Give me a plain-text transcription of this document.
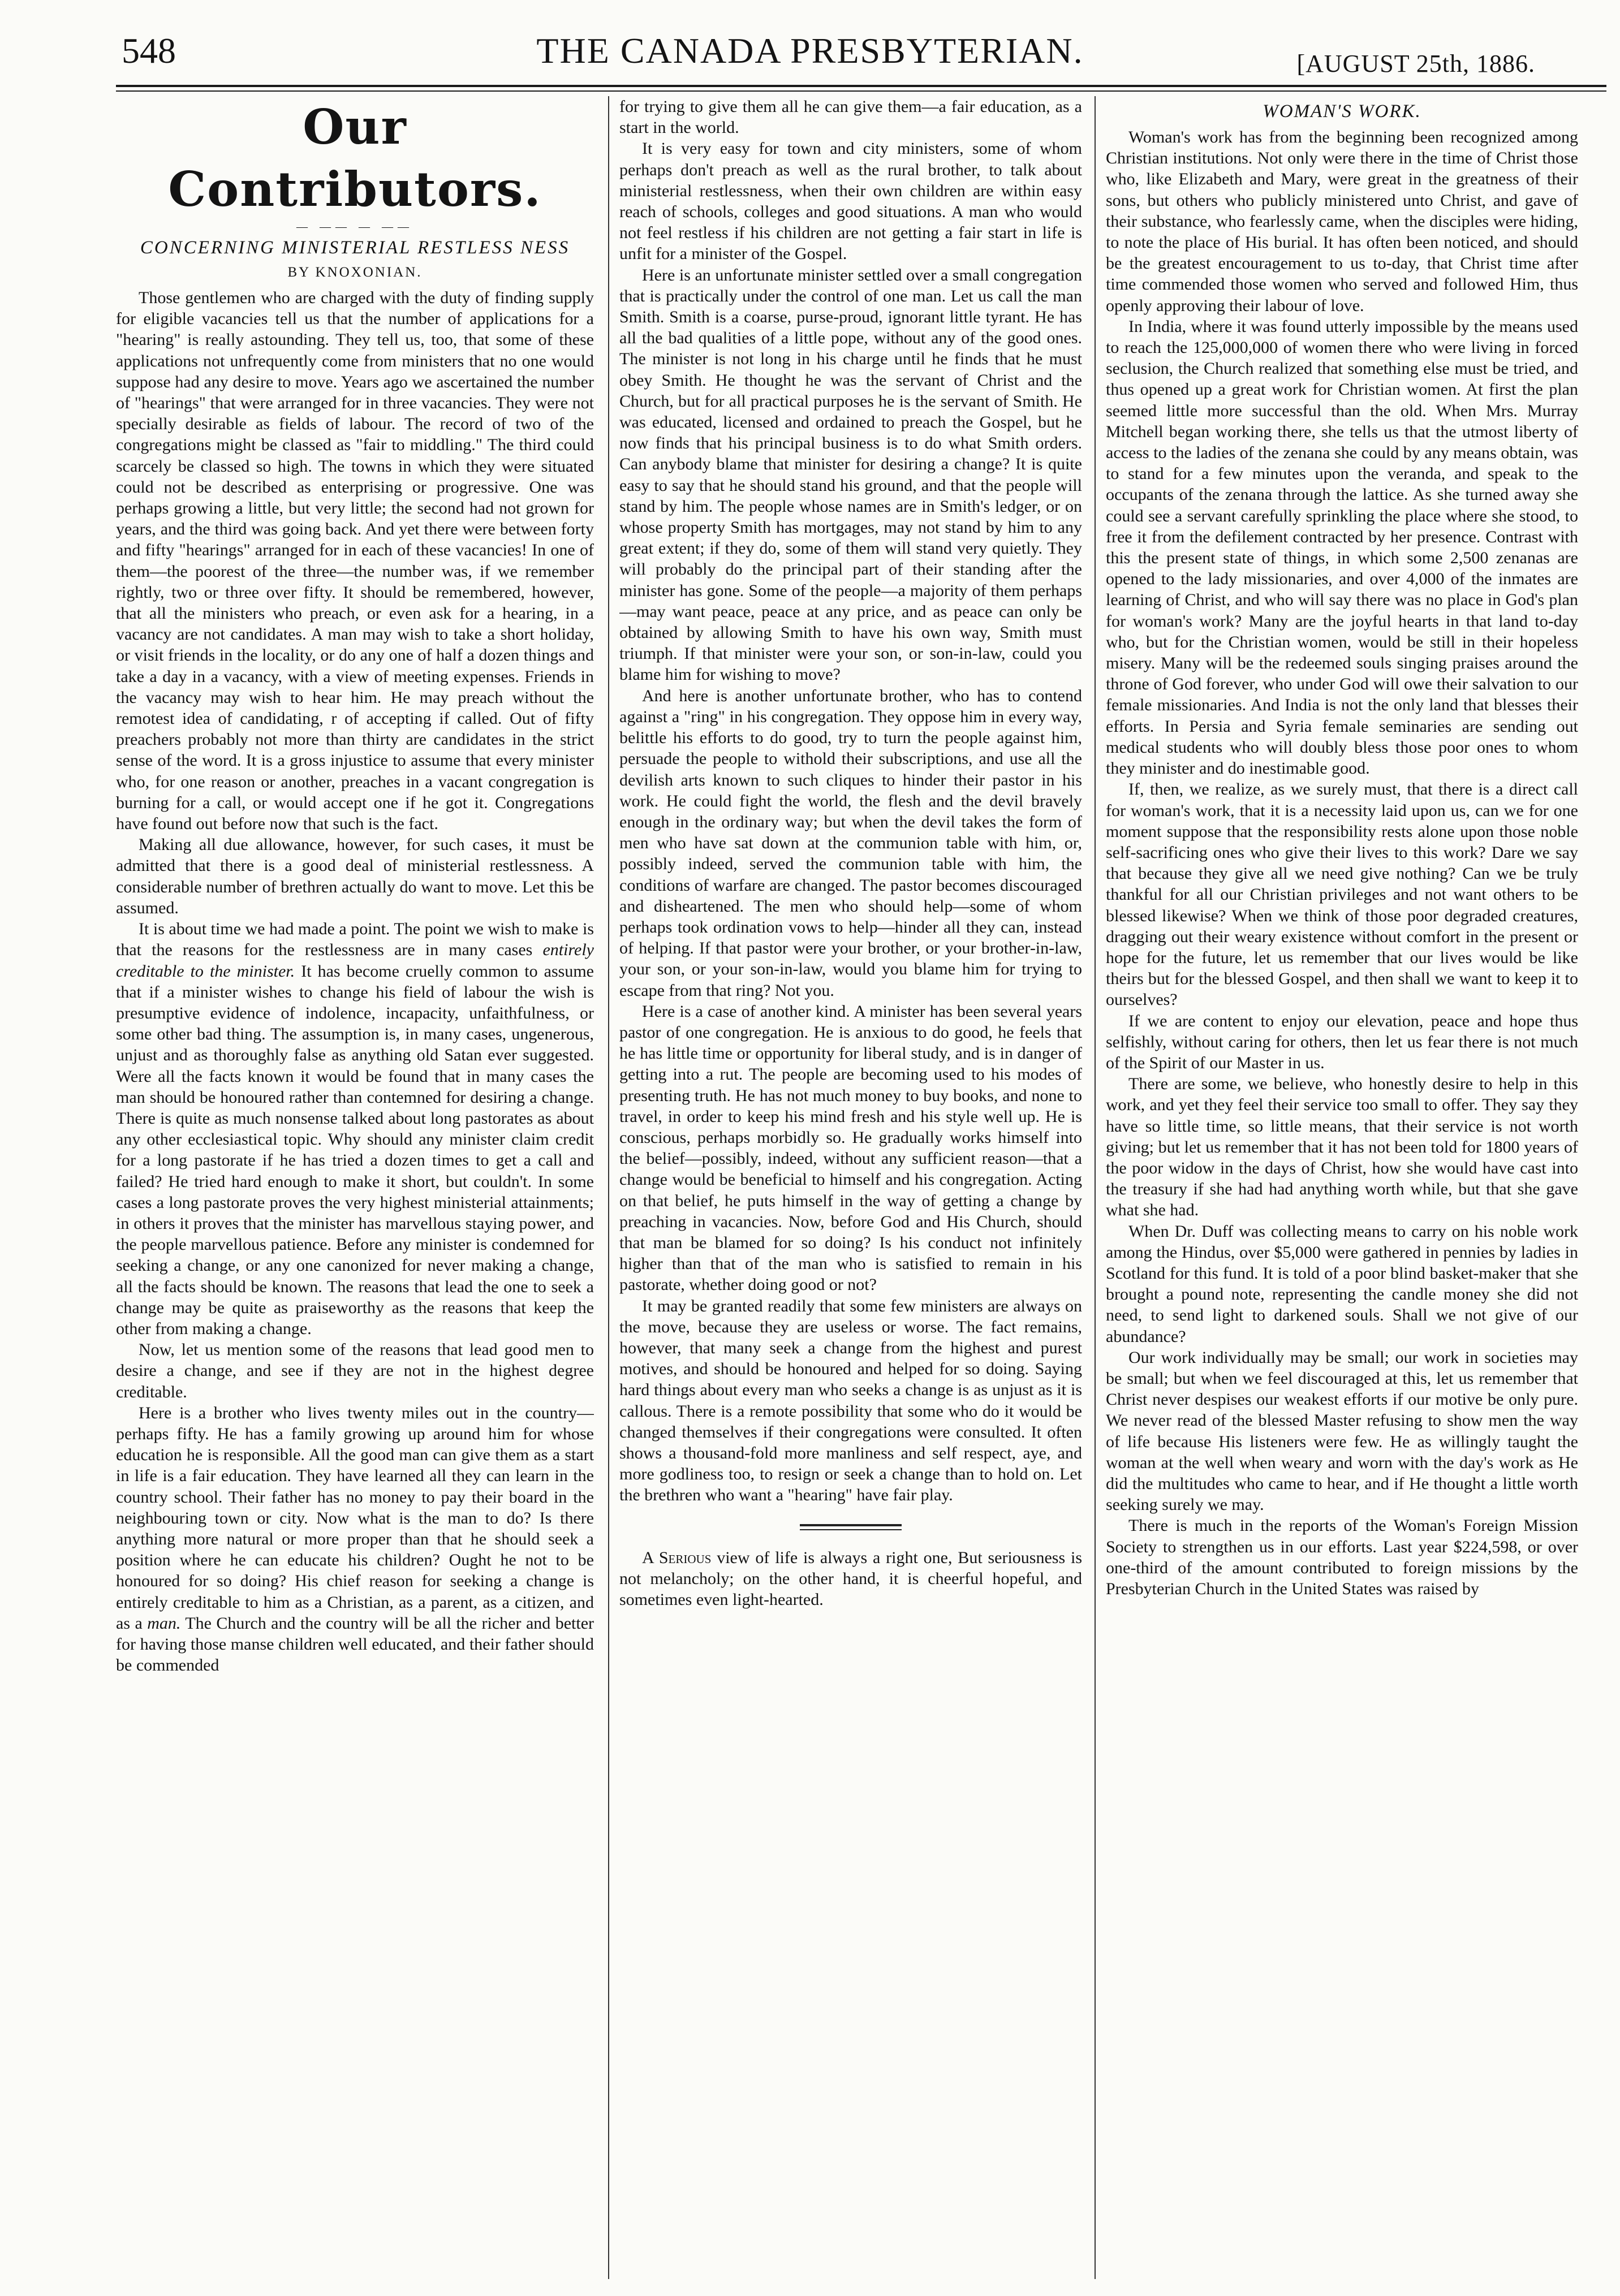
548	THE CANADA PRESBYTERIAN.	[AUGUST 25th, 1886.

Our Contributors.

— —— — ——

CONCERNING MINISTERIAL RESTLESS NESS

BY KNOXONIAN.

Those gentlemen who are charged with the duty of finding supply for eligible vacancies tell us that the number of applications for a "hearing" is really astounding. They tell us, too, that some of these applications not unfrequently come from ministers that no one would suppose had any desire to move. Years ago we ascertained the number of "hearings" that were arranged for in three vacancies. They were not specially desirable as fields of labour. The record of two of the congregations might be classed as "fair to middling." The third could scarcely be classed so high. The towns in which they were situated could not be described as enterprising or progressive. One was perhaps growing a little, but very little; the second had not grown for years, and the third was going back. And yet there were between forty and fifty "hearings" arranged for in each of these vacancies! In one of them—the poorest of the three—the number was, if we remember rightly, two or three over fifty. It should be remembered, however, that all the ministers who preach, or even ask for a hearing, in a vacancy are not candidates. A man may wish to take a short holiday, or visit friends in the locality, or do any one of half a dozen things and take a day in a vacancy, with a view of meeting expenses. Friends in the vacancy may wish to hear him. He may preach without the remotest idea of candidating, r of accepting if called. Out of fifty preachers probably not more than thirty are candidates in the strict sense of the word. It is a gross injustice to assume that every minister who, for one reason or another, preaches in a vacant congregation is burning for a call, or would accept one if he got it. Congregations have found out before now that such is the fact.

Making all due allowance, however, for such cases, it must be admitted that there is a good deal of ministerial restlessness. A considerable number of brethren actually do want to move. Let this be assumed.

It is about time we had made a point. The point we wish to make is that the reasons for the restlessness are in many cases entirely creditable to the minister. It has become cruelly common to assume that if a minister wishes to change his field of labour the wish is presumptive evidence of indolence, incapacity, unfaithfulness, or some other bad thing. The assumption is, in many cases, ungenerous, unjust and as thoroughly false as anything old Satan ever suggested. Were all the facts known it would be found that in many cases the man should be honoured rather than contemned for desiring a change. There is quite as much nonsense talked about long pastorates as about any other ecclesiastical topic. Why should any minister claim credit for a long pastorate if he has tried a dozen times to get a call and failed? He tried hard enough to make it short, but couldn't. In some cases a long pastorate proves the very highest ministerial attainments; in others it proves that the minister has marvellous staying power, and the people marvellous patience. Before any minister is condemned for seeking a change, or any one canonized for never making a change, all the facts should be known. The reasons that lead the one to seek a change may be quite as praiseworthy as the reasons that keep the other from making a change.

Now, let us mention some of the reasons that lead good men to desire a change, and see if they are not in the highest degree creditable.

Here is a brother who lives twenty miles out in the country—perhaps fifty. He has a family growing up around him for whose education he is responsible. All the good man can give them as a start in life is a fair education. They have learned all they can learn in the country school. Their father has no money to pay their board in the neighbouring town or city. Now what is the man to do? Is there anything more natural or more proper than that he should seek a position where he can educate his children? Ought he not to be honoured for so doing? His chief reason for seeking a change is entirely creditable to him as a Christian, as a parent, as a citizen, and as a man. The Church and the country will be all the richer and better for having those manse children well educated, and their father should be commended

for trying to give them all he can give them—a fair education, as a start in the world.

It is very easy for town and city ministers, some of whom perhaps don't preach as well as the rural brother, to talk about ministerial restlessness, when their own children are within easy reach of schools, colleges and good situations. A man who would not feel restless if his children are not getting a fair start in life is unfit for a minister of the Gospel.

Here is an unfortunate minister settled over a small congregation that is practically under the control of one man. Let us call the man Smith. Smith is a coarse, purse-proud, ignorant little tyrant. He has all the bad qualities of a little pope, without any of the good ones. The minister is not long in his charge until he finds that he must obey Smith. He thought he was the servant of Christ and the Church, but for all practical purposes he is the servant of Smith. He was educated, licensed and ordained to preach the Gospel, but he now finds that his principal business is to do what Smith orders. Can anybody blame that minister for desiring a change? It is quite easy to say that he should stand his ground, and that the people will stand by him. The people whose names are in Smith's ledger, or on whose property Smith has mortgages, may not stand by him to any great extent; if they do, some of them will stand very quietly. They will probably do the principal part of their standing after the minister has gone. Some of the people—a majority of them perhaps—may want peace, peace at any price, and as peace can only be obtained by allowing Smith to have his own way, Smith must triumph. If that minister were your son, or son-in-law, could you blame him for wishing to move?

And here is another unfortunate brother, who has to contend against a "ring" in his congregation. They oppose him in every way, belittle his efforts to do good, try to turn the people against him, persuade the people to withold their subscriptions, and use all the devilish arts known to such cliques to hinder their pastor in his work. He could fight the world, the flesh and the devil bravely enough in the ordinary way; but when the devil takes the form of men who have sat down at the communion table with him, or, possibly indeed, served the communion table with him, the conditions of warfare are changed. The pastor becomes discouraged and disheartened. The men who should help—some of whom perhaps took ordination vows to help—hinder all they can, instead of helping. If that pastor were your brother, or your brother-in-law, your son, or your son-in-law, would you blame him for trying to escape from that ring? Not you.

Here is a case of another kind. A minister has been several years pastor of one congregation. He is anxious to do good, he feels that he has little time or opportunity for liberal study, and is in danger of getting into a rut. The people are becoming used to his modes of presenting truth. He has not much money to buy books, and none to travel, in order to keep his mind fresh and his style well up. He is conscious, perhaps morbidly so. He gradually works himself into the belief—possibly, indeed, without any sufficient reason—that a change would be beneficial to himself and his congregation. Acting on that belief, he puts himself in the way of getting a change by preaching in vacancies. Now, before God and His Church, should that man be blamed for so doing? Is his conduct not infinitely higher than that of the man who is satisfied to remain in his pastorate, whether doing good or not?

It may be granted readily that some few ministers are always on the move, because they are useless or worse. The fact remains, however, that many seek a change from the highest and purest motives, and should be honoured and helped for so doing. Saying hard things about every man who seeks a change is as unjust as it is callous. There is a remote possibility that some who do it would be changed themselves if their congregations were consulted. It often shows a thousand-fold more manliness and self respect, aye, and more godliness too, to resign or seek a change than to hold on. Let the brethren who want a "hearing" have fair play.

A Serious view of life is always a right one, But seriousness is not melancholy; on the other hand, it is cheerful hopeful, and sometimes even light-hearted.

WOMAN'S WORK.

Woman's work has from the beginning been recognized among Christian institutions. Not only were there in the time of Christ those who, like Elizabeth and Mary, were great in the greatness of their sons, but others who publicly ministered unto Christ, and gave of their substance, who fearlessly came, when the disciples were hiding, to note the place of His burial. It has often been noticed, and should be the greatest encouragement to us to-day, that Christ time after time commended those women who served and followed Him, thus openly approving their labour of love.

In India, where it was found utterly impossible by the means used to reach the 125,000,000 of women there who were living in forced seclusion, the Church realized that something else must be tried, and thus opened up a great work for Christian women. At first the plan seemed little more successful than the old. When Mrs. Murray Mitchell began working there, she tells us that the utmost liberty of access to the ladies of the zenana she could by any means obtain, was to stand for a few minutes upon the veranda, and speak to the occupants of the zenana through the lattice. As she turned away she could see a servant carefully sprinkling the place where she stood, to free it from the defilement contracted by her presence. Contrast with this the present state of things, in which some 2,500 zenanas are opened to the lady missionaries, and over 4,000 of the inmates are learning of Christ, and who will say there was no place in God's plan for woman's work? Many are the joyful hearts in that land to-day who, but for the Christian women, would be still in their hopeless misery. Many will be the redeemed souls singing praises around the throne of God forever, who under God will owe their salvation to our female missionaries. And India is not the only land that blesses their efforts. In Persia and Syria female seminaries are sending out medical students who will doubly bless those poor ones to whom they minister and do inestimable good.

If, then, we realize, as we surely must, that there is a direct call for woman's work, that it is a necessity laid upon us, can we for one moment suppose that the responsibility rests alone upon those noble self-sacrificing ones who give their lives to this work? Dare we say that because they give all we need give nothing? Can we be truly thankful for all our Christian privileges and not want others to be blessed likewise? When we think of those poor degraded creatures, dragging out their weary existence without comfort in the present or hope for the future, let us remember that our lives would be like theirs but for the blessed Gospel, and then shall we want to keep it to ourselves?

If we are content to enjoy our elevation, peace and hope thus selfishly, without caring for others, then let us fear there is not much of the Spirit of our Master in us.

There are some, we believe, who honestly desire to help in this work, and yet they feel their service too small to offer. They say they have so little time, so little means, that their service is not worth giving; but let us remember that it has not been told for 1800 years of the poor widow in the days of Christ, how she would have cast into the treasury if she had had anything worth while, but that she gave what she had.

When Dr. Duff was collecting means to carry on his noble work among the Hindus, over $5,000 were gathered in pennies by ladies in Scotland for this fund. It is told of a poor blind basket-maker that she brought a pound note, representing the candle money she did not need, to send light to darkened souls. Shall we not give of our abundance?

Our work individually may be small; our work in societies may be small; but when we feel discouraged at this, let us remember that Christ never despises our weakest efforts if our motive be only pure. We never read of the blessed Master refusing to show men the way of life because His listeners were few. He as willingly taught the woman at the well when weary and worn with the day's work as He did the multitudes who came to hear, and if He thought a little worth seeking surely we may.

There is much in the reports of the Woman's Foreign Mission Society to strengthen us in our efforts. Last year $224,598, or over one-third of the amount contributed to foreign missions by the Presbyterian Church in the United States was raised by
